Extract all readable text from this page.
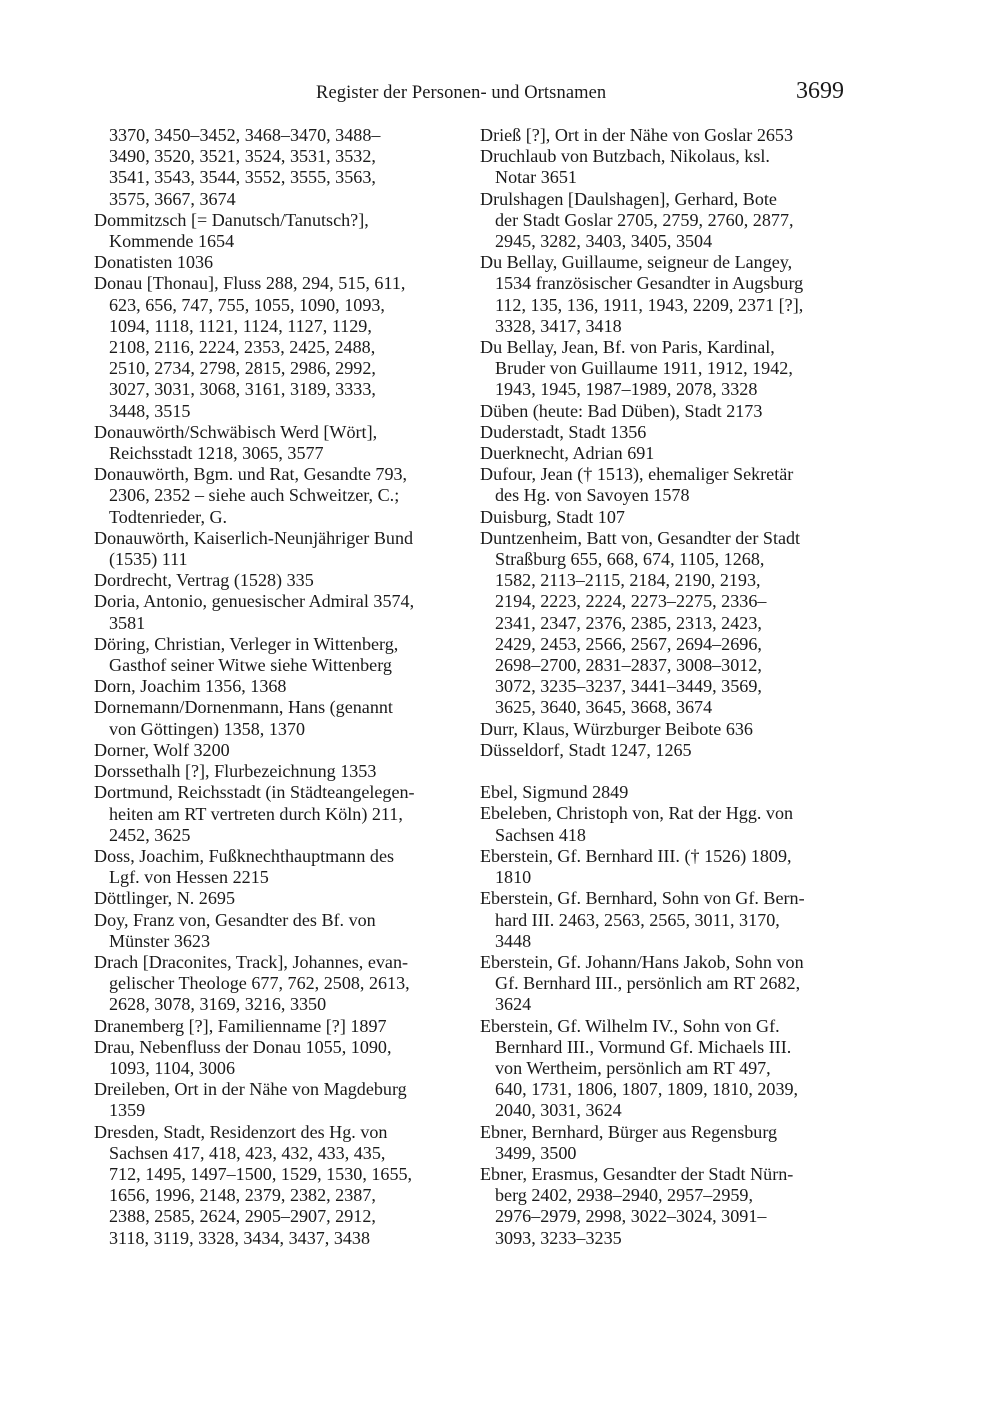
Register der Personen- und Ortsnamen	3699

3370, 3450–3452, 3468–3470, 3488–
3490, 3520, 3521, 3524, 3531, 3532,
3541, 3543, 3544, 3552, 3555, 3563,
3575, 3667, 3674

Dommitzsch [= Danutsch/Tanutsch?],
Kommende 1654

Donatisten 1036

Donau [Thonau], Fluss 288, 294, 515, 611,
623, 656, 747, 755, 1055, 1090, 1093,
1094, 1118, 1121, 1124, 1127, 1129,
2108, 2116, 2224, 2353, 2425, 2488,
2510, 2734, 2798, 2815, 2986, 2992,
3027, 3031, 3068, 3161, 3189, 3333,
3448, 3515

Donauwörth/Schwäbisch Werd [Wört],
Reichsstadt 1218, 3065, 3577

Donauwörth, Bgm. und Rat, Gesandte 793,
2306, 2352 – siehe auch Schweitzer, C.;
Todtenrieder, G.

Donauwörth, Kaiserlich-Neunjähriger Bund
(1535) 111

Dordrecht, Vertrag (1528) 335

Doria, Antonio, genuesischer Admiral 3574,
3581

Döring, Christian, Verleger in Wittenberg,
Gasthof seiner Witwe siehe Wittenberg

Dorn, Joachim 1356, 1368

Dornemann/Dornenmann, Hans (genannt
von Göttingen) 1358, 1370

Dorner, Wolf 3200

Dorssethalh [?], Flurbezeichnung 1353

Dortmund, Reichsstadt (in Städteangelegen-
heiten am RT vertreten durch Köln) 211,
2452, 3625

Doss, Joachim, Fußknechthauptmann des
Lgf. von Hessen 2215

Döttlinger, N. 2695

Doy, Franz von, Gesandter des Bf. von
Münster 3623

Drach [Draconites, Track], Johannes, evan-
gelischer Theologe 677, 762, 2508, 2613,
2628, 3078, 3169, 3216, 3350

Dranemberg [?], Familienname [?] 1897

Drau, Nebenfluss der Donau 1055, 1090,
1093, 1104, 3006

Dreileben, Ort in der Nähe von Magdeburg
1359

Dresden, Stadt, Residenzort des Hg. von
Sachsen 417, 418, 423, 432, 433, 435,
712, 1495, 1497–1500, 1529, 1530, 1655,
1656, 1996, 2148, 2379, 2382, 2387,
2388, 2585, 2624, 2905–2907, 2912,
3118, 3119, 3328, 3434, 3437, 3438

Drieß [?], Ort in der Nähe von Goslar 2653

Druchlaub von Butzbach, Nikolaus, ksl.
Notar 3651

Drulshagen [Daulshagen], Gerhard, Bote
der Stadt Goslar 2705, 2759, 2760, 2877,
2945, 3282, 3403, 3405, 3504

Du Bellay, Guillaume, seigneur de Langey,
1534 französischer Gesandter in Augsburg
112, 135, 136, 1911, 1943, 2209, 2371 [?],
3328, 3417, 3418

Du Bellay, Jean, Bf. von Paris, Kardinal,
Bruder von Guillaume 1911, 1912, 1942,
1943, 1945, 1987–1989, 2078, 3328

Düben (heute: Bad Düben), Stadt 2173

Duderstadt, Stadt 1356

Duerknecht, Adrian 691

Dufour, Jean († 1513), ehemaliger Sekretär
des Hg. von Savoyen 1578

Duisburg, Stadt 107

Duntzenheim, Batt von, Gesandter der Stadt
Straßburg 655, 668, 674, 1105, 1268,
1582, 2113–2115, 2184, 2190, 2193,
2194, 2223, 2224, 2273–2275, 2336–
2341, 2347, 2376, 2385, 2313, 2423,
2429, 2453, 2566, 2567, 2694–2696,
2698–2700, 2831–2837, 3008–3012,
3072, 3235–3237, 3441–3449, 3569,
3625, 3640, 3645, 3668, 3674

Durr, Klaus, Würzburger Beibote 636

Düsseldorf, Stadt 1247, 1265

Ebel, Sigmund 2849

Ebeleben, Christoph von, Rat der Hgg. von
Sachsen 418

Eberstein, Gf. Bernhard III. († 1526) 1809,
1810

Eberstein, Gf. Bernhard, Sohn von Gf. Bern-
hard III. 2463, 2563, 2565, 3011, 3170,
3448

Eberstein, Gf. Johann/Hans Jakob, Sohn von
Gf. Bernhard III., persönlich am RT 2682,
3624

Eberstein, Gf. Wilhelm IV., Sohn von Gf.
Bernhard III., Vormund Gf. Michaels III.
von Wertheim, persönlich am RT 497,
640, 1731, 1806, 1807, 1809, 1810, 2039,
2040, 3031, 3624

Ebner, Bernhard, Bürger aus Regensburg
3499, 3500

Ebner, Erasmus, Gesandter der Stadt Nürn-
berg 2402, 2938–2940, 2957–2959,
2976–2979, 2998, 3022–3024, 3091–
3093, 3233–3235
